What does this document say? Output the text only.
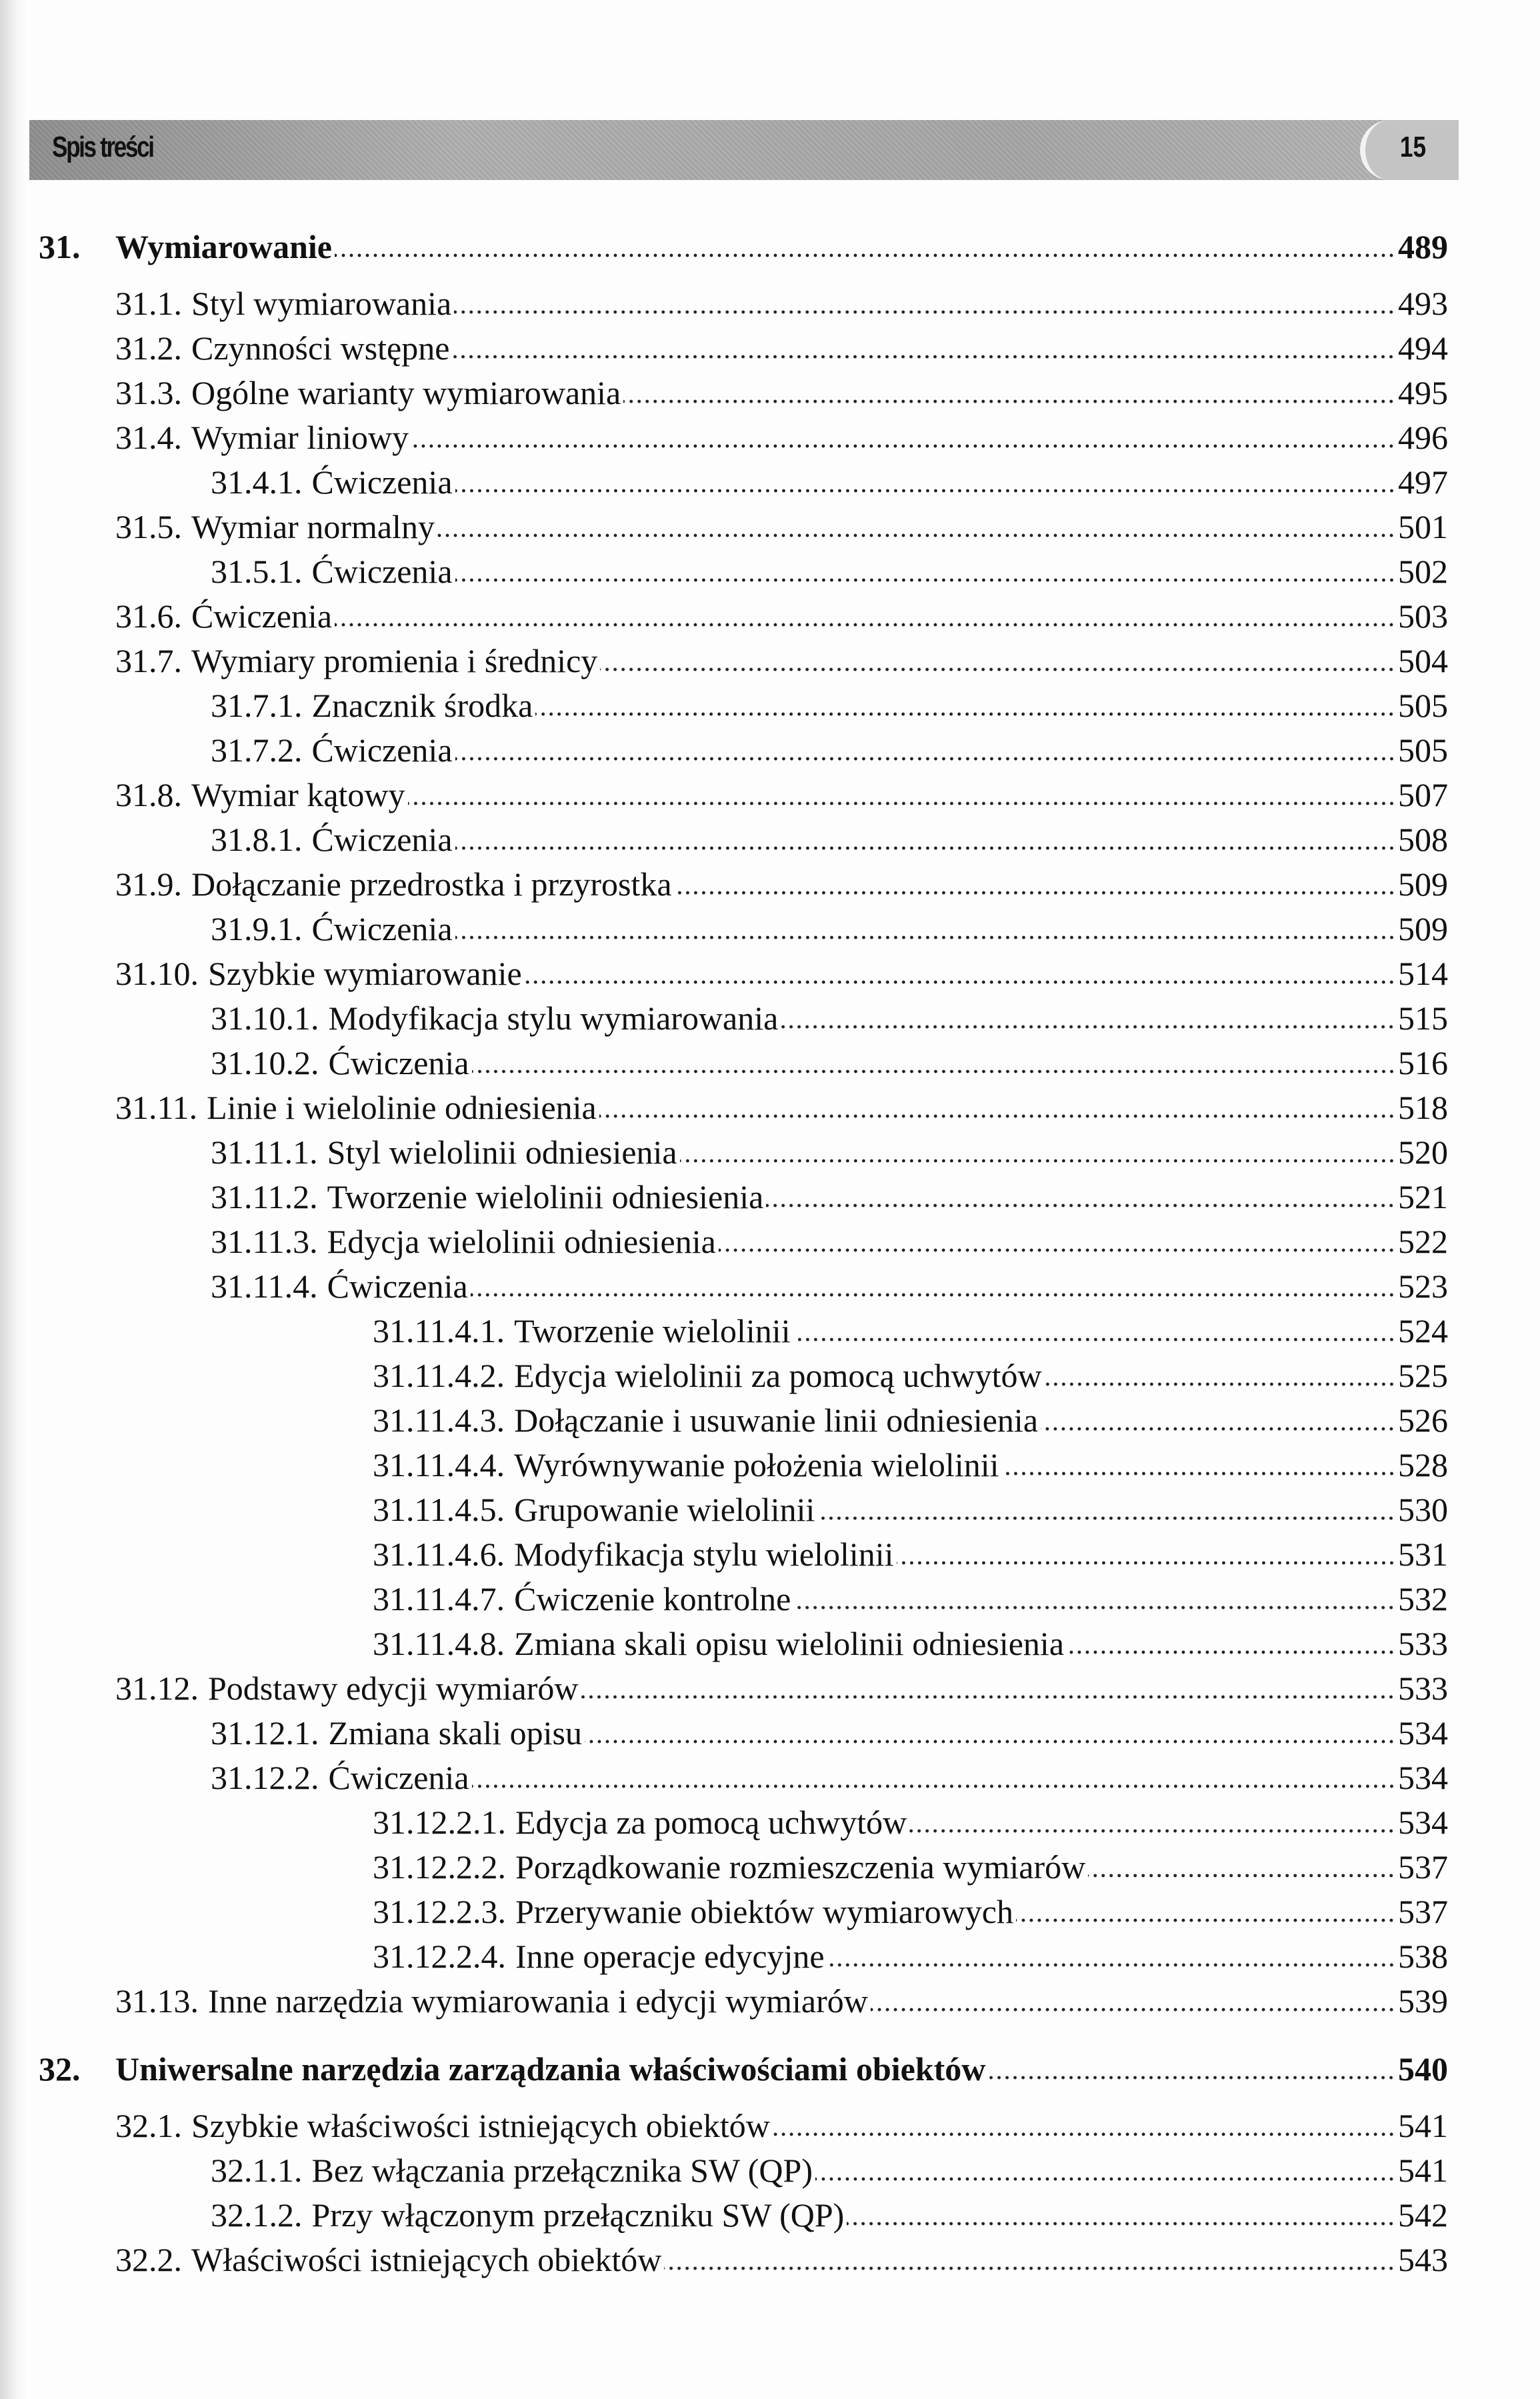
Spis treści	15
31. Wymiarowanie	489
31.1. Styl wymiarowania	493
31.2. Czynności wstępne	494
31.3. Ogólne warianty wymiarowania	495
31.4. Wymiar liniowy	496
31.4.1. Ćwiczenia	497
31.5. Wymiar normalny	501
31.5.1. Ćwiczenia	502
31.6. Ćwiczenia	503
31.7. Wymiary promienia i średnicy	504
31.7.1. Znacznik środka	505
31.7.2. Ćwiczenia	505
31.8. Wymiar kątowy	507
31.8.1. Ćwiczenia	508
31.9. Dołączanie przedrostka i przyrostka	509
31.9.1. Ćwiczenia	509
31.10. Szybkie wymiarowanie	514
31.10.1. Modyfikacja stylu wymiarowania	515
31.10.2. Ćwiczenia	516
31.11. Linie i wielolinie odniesienia	518
31.11.1. Styl wielolinii odniesienia	520
31.11.2. Tworzenie wielolinii odniesienia	521
31.11.3. Edycja wielolinii odniesienia	522
31.11.4. Ćwiczenia	523
31.11.4.1. Tworzenie wielolinii	524
31.11.4.2. Edycja wielolinii za pomocą uchwytów	525
31.11.4.3. Dołączanie i usuwanie linii odniesienia	526
31.11.4.4. Wyrównywanie położenia wielolinii	528
31.11.4.5. Grupowanie wielolinii	530
31.11.4.6. Modyfikacja stylu wielolinii	531
31.11.4.7. Ćwiczenie kontrolne	532
31.11.4.8. Zmiana skali opisu wielolinii odniesienia	533
31.12. Podstawy edycji wymiarów	533
31.12.1. Zmiana skali opisu	534
31.12.2. Ćwiczenia	534
31.12.2.1. Edycja za pomocą uchwytów	534
31.12.2.2. Porządkowanie rozmieszczenia wymiarów	537
31.12.2.3. Przerywanie obiektów wymiarowych	537
31.12.2.4. Inne operacje edycyjne	538
31.13. Inne narzędzia wymiarowania i edycji wymiarów	539
32. Uniwersalne narzędzia zarządzania właściwościami obiektów	540
32.1. Szybkie właściwości istniejących obiektów	541
32.1.1. Bez włączania przełącznika SW (QP)	541
32.1.2. Przy włączonym przełączniku SW (QP)	542
32.2. Właściwości istniejących obiektów	543
